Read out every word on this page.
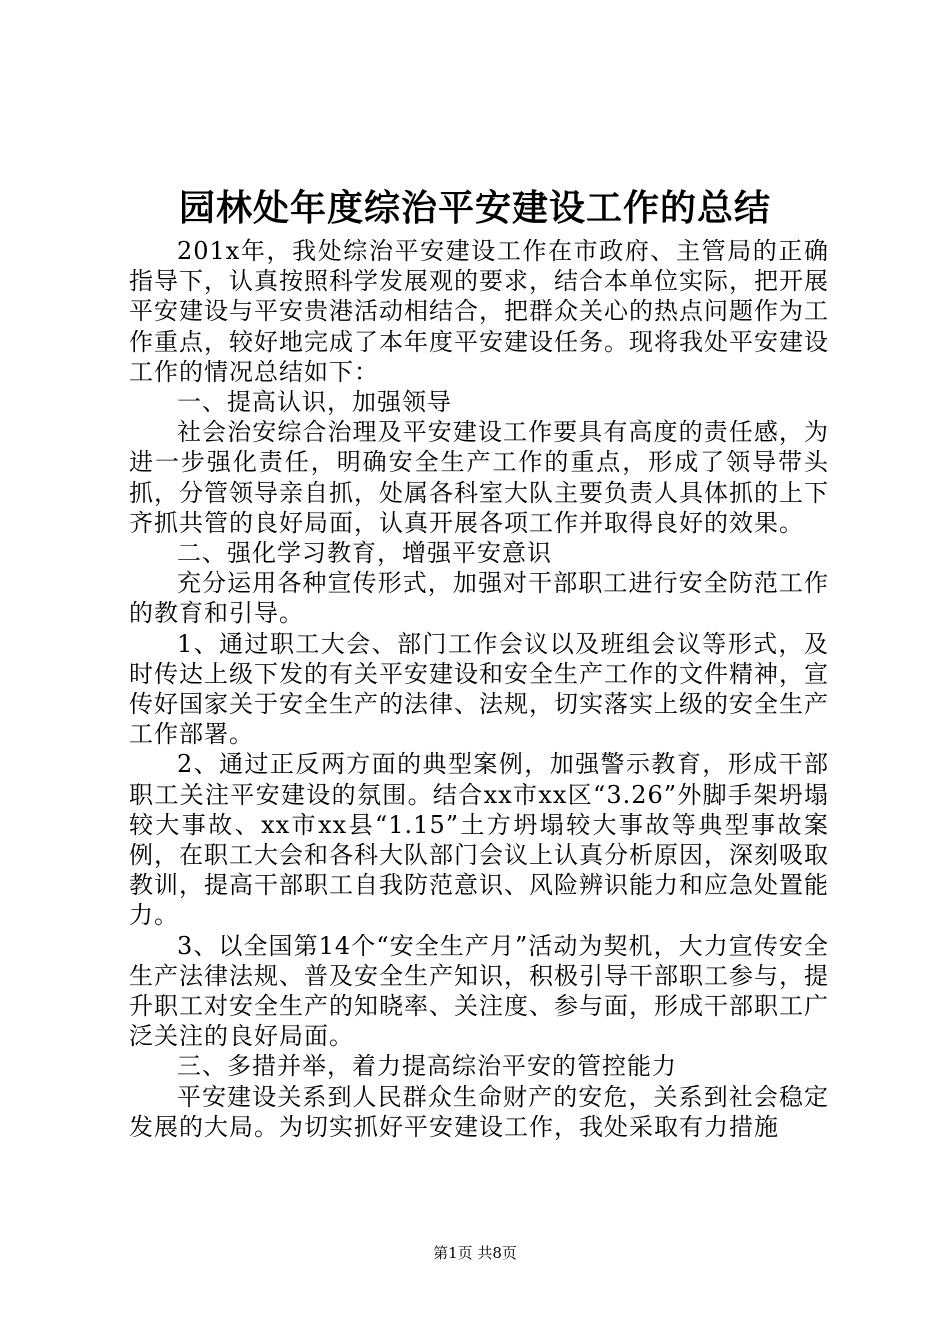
园林处年度综治平安建设工作的总结

201x年，我处综治平安建设工作在市政府、主管局的正确指导下，认真按照科学发展观的要求，结合本单位实际，把开展平安建设与平安贵港活动相结合，把群众关心的热点问题作为工作重点，较好地完成了本年度平安建设任务。现将我处平安建设工作的情况总结如下：

一、提高认识，加强领导

社会治安综合治理及平安建设工作要具有高度的责任感，为进一步强化责任，明确安全生产工作的重点，形成了领导带头抓，分管领导亲自抓，处属各科室大队主要负责人具体抓的上下齐抓共管的良好局面，认真开展各项工作并取得良好的效果。

二、强化学习教育，增强平安意识

充分运用各种宣传形式，加强对干部职工进行安全防范工作的教育和引导。

1、通过职工大会、部门工作会议以及班组会议等形式，及时传达上级下发的有关平安建设和安全生产工作的文件精神，宣传好国家关于安全生产的法律、法规，切实落实上级的安全生产工作部署。

2、通过正反两方面的典型案例，加强警示教育，形成干部职工关注平安建设的氛围。结合xx市xx区“3.26”外脚手架坍塌较大事故、xx市xx县“1.15”土方坍塌较大事故等典型事故案例，在职工大会和各科大队部门会议上认真分析原因，深刻吸取教训，提高干部职工自我防范意识、风险辨识能力和应急处置能力。

3、以全国第14个“安全生产月”活动为契机，大力宣传安全生产法律法规、普及安全生产知识，积极引导干部职工参与，提升职工对安全生产的知晓率、关注度、参与面，形成干部职工广泛关注的良好局面。

三、多措并举，着力提高综治平安的管控能力

平安建设关系到人民群众生命财产的安危，关系到社会稳定发展的大局。为切实抓好平安建设工作，我处采取有力措施

第1页 共8页
